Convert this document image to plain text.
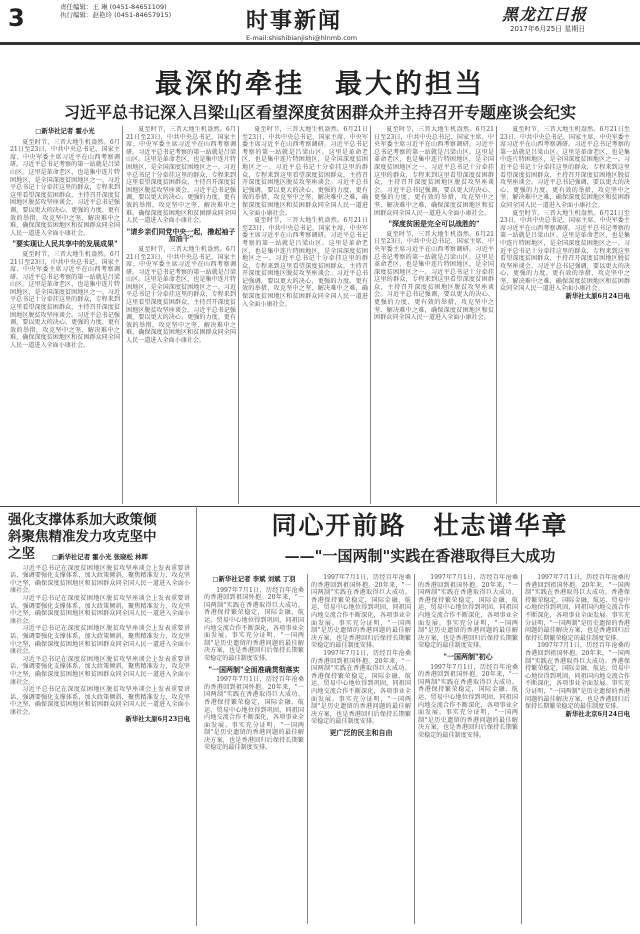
3	责任编辑：王 琳 (0451-84651109)
执行编辑：赵艳玲 (0451-84657915)	时事新闻
E-mail:shishibianjishi@hlnmb.com
黑龙江日报
2017年6月25日 星期日
最深的牵挂　最大的担当
习近平总书记深入吕梁山区看望深度贫困群众并主持召开专题座谈会纪实
□新华社记者 霍小光

夏至时节，三晋大地生机盎然。6月21日至23日，中共中央总书记、国家主席、中央军委主席习近平在山西考察调研。习近平总书记考察的第一站就是吕梁山区。这里是革命老区，也是集中连片特困地区，是全国深度贫困地区之一。习近平总书记十分牵挂这里的群众，专程来到这里看望深度贫困群众，主持召开深度贫困地区脱贫攻坚座谈会。习近平总书记强调，要以更大的决心、更强的力度、更有效的举措，攻克坚中之坚、解决难中之难，确保深度贫困地区和贫困群众同全国人民一道进入全面小康社会。

"要实现让人民共享中的发展成果"

夏至时节，三晋大地生机盎然。6月21日至23日，中共中央总书记、国家主席、中央军委主席习近平在山西考察调研。习近平总书记考察的第一站就是吕梁山区。这里是革命老区，也是集中连片特困地区，是全国深度贫困地区之一。习近平总书记十分牵挂这里的群众，专程来到这里看望深度贫困群众，主持召开深度贫困地区脱贫攻坚座谈会。习近平总书记强调，要以更大的决心、更强的力度、更有效的举措，攻克坚中之坚、解决难中之难，确保深度贫困地区和贫困群众同全国人民一道进入全面小康社会。

夏至时节，三晋大地生机盎然。6月21日至23日，中共中央总书记、国家主席、中央军委主席习近平在山西考察调研。习近平总书记考察的第一站就是吕梁山区。这里是革命老区，也是集中连片特困地区，是全国深度贫困地区之一。习近平总书记十分牵挂这里的群众，专程来到这里看望深度贫困群众，主持召开深度贫困地区脱贫攻坚座谈会。习近平总书记强调，要以更大的决心、更强的力度、更有效的举措，攻克坚中之坚、解决难中之难，确保深度贫困地区和贫困群众同全国人民一道进入全面小康社会。

"请乡亲们同党中央一起，撸起袖子加油干"

夏至时节，三晋大地生机盎然。6月21日至23日，中共中央总书记、国家主席、中央军委主席习近平在山西考察调研。习近平总书记考察的第一站就是吕梁山区。这里是革命老区，也是集中连片特困地区，是全国深度贫困地区之一。习近平总书记十分牵挂这里的群众，专程来到这里看望深度贫困群众，主持召开深度贫困地区脱贫攻坚座谈会。习近平总书记强调，要以更大的决心、更强的力度、更有效的举措，攻克坚中之坚、解决难中之难，确保深度贫困地区和贫困群众同全国人民一道进入全面小康社会。

夏至时节，三晋大地生机盎然。6月21日至23日，中共中央总书记、国家主席、中央军委主席习近平在山西考察调研。习近平总书记考察的第一站就是吕梁山区。这里是革命老区，也是集中连片特困地区，是全国深度贫困地区之一。习近平总书记十分牵挂这里的群众，专程来到这里看望深度贫困群众，主持召开深度贫困地区脱贫攻坚座谈会。习近平总书记强调，要以更大的决心、更强的力度、更有效的举措，攻克坚中之坚、解决难中之难，确保深度贫困地区和贫困群众同全国人民一道进入全面小康社会。

夏至时节，三晋大地生机盎然。6月21日至23日，中共中央总书记、国家主席、中央军委主席习近平在山西考察调研。习近平总书记考察的第一站就是吕梁山区。这里是革命老区，也是集中连片特困地区，是全国深度贫困地区之一。习近平总书记十分牵挂这里的群众，专程来到这里看望深度贫困群众，主持召开深度贫困地区脱贫攻坚座谈会。习近平总书记强调，要以更大的决心、更强的力度、更有效的举措，攻克坚中之坚、解决难中之难，确保深度贫困地区和贫困群众同全国人民一道进入全面小康社会。

夏至时节，三晋大地生机盎然。6月21日至23日，中共中央总书记、国家主席、中央军委主席习近平在山西考察调研。习近平总书记考察的第一站就是吕梁山区。这里是革命老区，也是集中连片特困地区，是全国深度贫困地区之一。习近平总书记十分牵挂这里的群众，专程来到这里看望深度贫困群众，主持召开深度贫困地区脱贫攻坚座谈会。习近平总书记强调，要以更大的决心、更强的力度、更有效的举措，攻克坚中之坚、解决难中之难，确保深度贫困地区和贫困群众同全国人民一道进入全面小康社会。

"深度贫困是完全可以战胜的"

夏至时节，三晋大地生机盎然。6月21日至23日，中共中央总书记、国家主席、中央军委主席习近平在山西考察调研。习近平总书记考察的第一站就是吕梁山区。这里是革命老区，也是集中连片特困地区，是全国深度贫困地区之一。习近平总书记十分牵挂这里的群众，专程来到这里看望深度贫困群众，主持召开深度贫困地区脱贫攻坚座谈会。习近平总书记强调，要以更大的决心、更强的力度、更有效的举措，攻克坚中之坚、解决难中之难，确保深度贫困地区和贫困群众同全国人民一道进入全面小康社会。

夏至时节，三晋大地生机盎然。6月21日至23日，中共中央总书记、国家主席、中央军委主席习近平在山西考察调研。习近平总书记考察的第一站就是吕梁山区。这里是革命老区，也是集中连片特困地区，是全国深度贫困地区之一。习近平总书记十分牵挂这里的群众，专程来到这里看望深度贫困群众，主持召开深度贫困地区脱贫攻坚座谈会。习近平总书记强调，要以更大的决心、更强的力度、更有效的举措，攻克坚中之坚、解决难中之难，确保深度贫困地区和贫困群众同全国人民一道进入全面小康社会。

夏至时节，三晋大地生机盎然。6月21日至23日，中共中央总书记、国家主席、中央军委主席习近平在山西考察调研。习近平总书记考察的第一站就是吕梁山区。这里是革命老区，也是集中连片特困地区，是全国深度贫困地区之一。习近平总书记十分牵挂这里的群众，专程来到这里看望深度贫困群众，主持召开深度贫困地区脱贫攻坚座谈会。习近平总书记强调，要以更大的决心、更强的力度、更有效的举措，攻克坚中之坚、解决难中之难，确保深度贫困地区和贫困群众同全国人民一道进入全面小康社会。

新华社太原6月24日电
强化支撑体系加大政策倾斜聚焦精准发力攻克坚中之坚	□新华社记者 霍小光 张晓松 林晖

习近平总书记在深度贫困地区脱贫攻坚座谈会上发表重要讲话，强调要强化支撑体系，加大政策倾斜，聚焦精准发力，攻克坚中之坚，确保深度贫困地区和贫困群众同全国人民一道进入全面小康社会。

习近平总书记在深度贫困地区脱贫攻坚座谈会上发表重要讲话，强调要强化支撑体系，加大政策倾斜，聚焦精准发力，攻克坚中之坚，确保深度贫困地区和贫困群众同全国人民一道进入全面小康社会。

习近平总书记在深度贫困地区脱贫攻坚座谈会上发表重要讲话，强调要强化支撑体系，加大政策倾斜，聚焦精准发力，攻克坚中之坚，确保深度贫困地区和贫困群众同全国人民一道进入全面小康社会。

习近平总书记在深度贫困地区脱贫攻坚座谈会上发表重要讲话，强调要强化支撑体系，加大政策倾斜，聚焦精准发力，攻克坚中之坚，确保深度贫困地区和贫困群众同全国人民一道进入全面小康社会。

习近平总书记在深度贫困地区脱贫攻坚座谈会上发表重要讲话，强调要强化支撑体系，加大政策倾斜，聚焦精准发力，攻克坚中之坚，确保深度贫困地区和贫困群众同全国人民一道进入全面小康社会。

新华社太原6月23日电
同心开前路　壮志谱华章
——"一国两制"实践在香港取得巨大成功
□新华社记者 李斌 刘斌 丁羽

1997年7月1日，历经百年沧桑的香港回到祖国怀抱。20年来，"一国两制"实践在香港取得巨大成功。香港保持繁荣稳定，国际金融、航运、贸易中心地位得到巩固，同祖国内地交流合作不断深化，各项事业全面发展。事实充分证明，"一国两制"是历史遗留的香港问题的最佳解决方案，也是香港回归后保持长期繁荣稳定的最佳制度安排。

"一国两制"全面准确贯彻落实

1997年7月1日，历经百年沧桑的香港回到祖国怀抱。20年来，"一国两制"实践在香港取得巨大成功。香港保持繁荣稳定，国际金融、航运、贸易中心地位得到巩固，同祖国内地交流合作不断深化，各项事业全面发展。事实充分证明，"一国两制"是历史遗留的香港问题的最佳解决方案，也是香港回归后保持长期繁荣稳定的最佳制度安排。

1997年7月1日，历经百年沧桑的香港回到祖国怀抱。20年来，"一国两制"实践在香港取得巨大成功。香港保持繁荣稳定，国际金融、航运、贸易中心地位得到巩固，同祖国内地交流合作不断深化，各项事业全面发展。事实充分证明，"一国两制"是历史遗留的香港问题的最佳解决方案，也是香港回归后保持长期繁荣稳定的最佳制度安排。

1997年7月1日，历经百年沧桑的香港回到祖国怀抱。20年来，"一国两制"实践在香港取得巨大成功。香港保持繁荣稳定，国际金融、航运、贸易中心地位得到巩固，同祖国内地交流合作不断深化，各项事业全面发展。事实充分证明，"一国两制"是历史遗留的香港问题的最佳解决方案，也是香港回归后保持长期繁荣稳定的最佳制度安排。

更广泛的民主和自由

1997年7月1日，历经百年沧桑的香港回到祖国怀抱。20年来，"一国两制"实践在香港取得巨大成功。香港保持繁荣稳定，国际金融、航运、贸易中心地位得到巩固，同祖国内地交流合作不断深化，各项事业全面发展。事实充分证明，"一国两制"是历史遗留的香港问题的最佳解决方案，也是香港回归后保持长期繁荣稳定的最佳制度安排。

"一国两制"初心

1997年7月1日，历经百年沧桑的香港回到祖国怀抱。20年来，"一国两制"实践在香港取得巨大成功。香港保持繁荣稳定，国际金融、航运、贸易中心地位得到巩固，同祖国内地交流合作不断深化，各项事业全面发展。事实充分证明，"一国两制"是历史遗留的香港问题的最佳解决方案，也是香港回归后保持长期繁荣稳定的最佳制度安排。

1997年7月1日，历经百年沧桑的香港回到祖国怀抱。20年来，"一国两制"实践在香港取得巨大成功。香港保持繁荣稳定，国际金融、航运、贸易中心地位得到巩固，同祖国内地交流合作不断深化，各项事业全面发展。事实充分证明，"一国两制"是历史遗留的香港问题的最佳解决方案，也是香港回归后保持长期繁荣稳定的最佳制度安排。

1997年7月1日，历经百年沧桑的香港回到祖国怀抱。20年来，"一国两制"实践在香港取得巨大成功。香港保持繁荣稳定，国际金融、航运、贸易中心地位得到巩固，同祖国内地交流合作不断深化，各项事业全面发展。事实充分证明，"一国两制"是历史遗留的香港问题的最佳解决方案，也是香港回归后保持长期繁荣稳定的最佳制度安排。

新华社北京6月24日电
